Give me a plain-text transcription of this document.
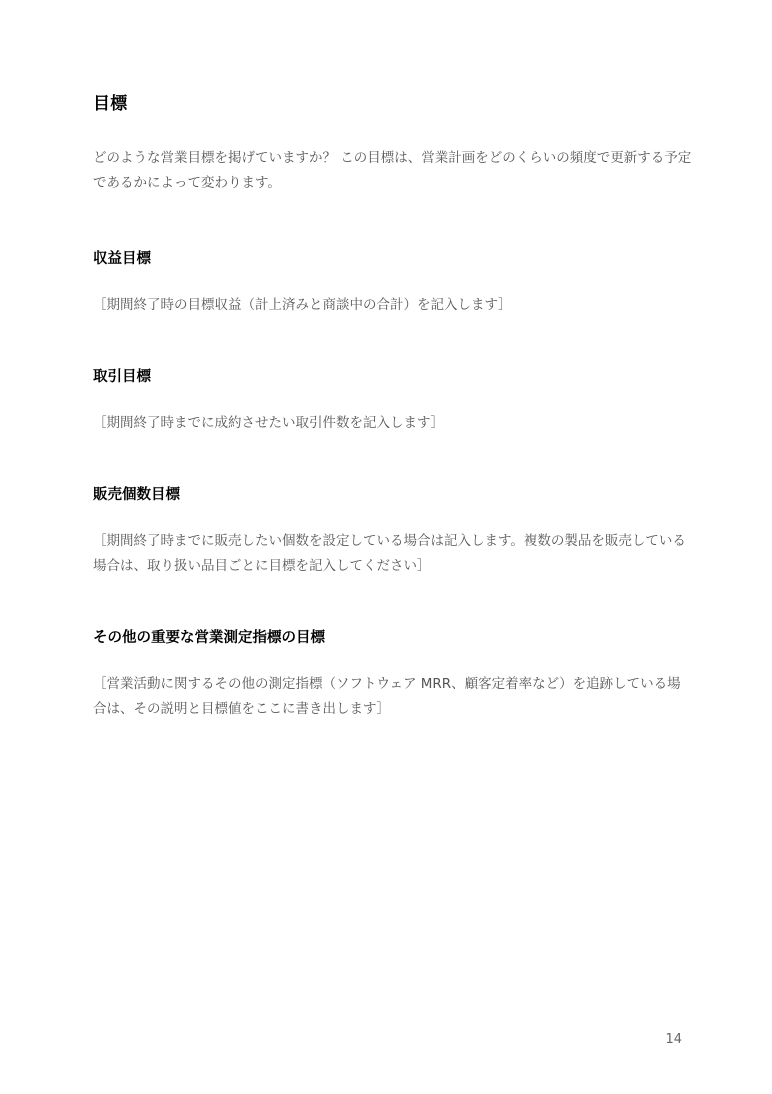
目標

どのような営業目標を掲げていますか？ この目標は、営業計画をどのくらいの頻度で更新する予定であるかによって変わります。

収益目標

［期間終了時の目標収益（計上済みと商談中の合計）を記入します］

取引目標

［期間終了時までに成約させたい取引件数を記入します］

販売個数目標

［期間終了時までに販売したい個数を設定している場合は記入します。複数の製品を販売している場合は、取り扱い品目ごとに目標を記入してください］

その他の重要な営業測定指標の目標

［営業活動に関するその他の測定指標（ソフトウェア MRR、顧客定着率など）を追跡している場合は、その説明と目標値をここに書き出します］

14
